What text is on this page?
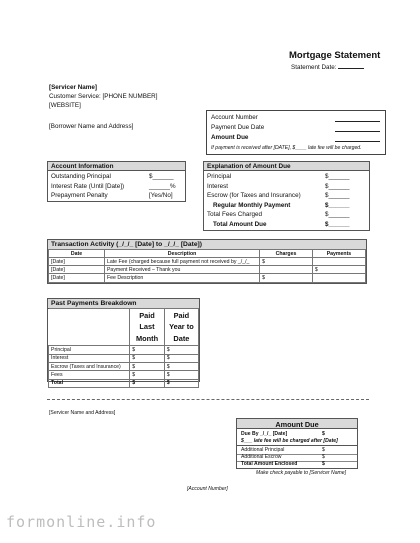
Mortgage Statement
Statement Date:
[Servicer Name]
Customer Service: [PHONE NUMBER]
[WEBSITE]
[Borrower Name and Address]
Account Number
Payment Due Date
Amount Due
If payment is received after [DATE], $____ late fee will be charged.
Account Information
Outstanding Principal	$______
Interest Rate (Until [Date])	______%
Prepayment Penalty	[Yes/No]
Explanation of Amount Due
Principal	$______
Interest	$______
Escrow (for Taxes and Insurance)	$______
Regular Monthly Payment	$______
Total Fees Charged	$______
Total Amount Due	$______
Transaction Activity (_/_/_ [Date] to _/_/_ [Date])
Date	Description	Charges	Payments
[Date]	Late Fee (charged because full payment not received by _/_/_	$	
[Date]	Payment Received – Thank you		$
[Date]	Fee Description	$	
Past Payments Breakdown
	Paid Last Month	Paid Year to Date
Principal	$	$
Interest	$	$
Escrow (Taxes and Insurance)	$	$
Fees	$	$
Total	$	$
[Servicer Name and Address]
Amount Due
Due By _/_/_ [Date]	$
$___ late fee will be charged after [Date]
Additional Principal	$
Additional Escrow	$
Total Amount Enclosed	$
Make check payable to [Servicer Name]
[Account Number]
formonline.info
